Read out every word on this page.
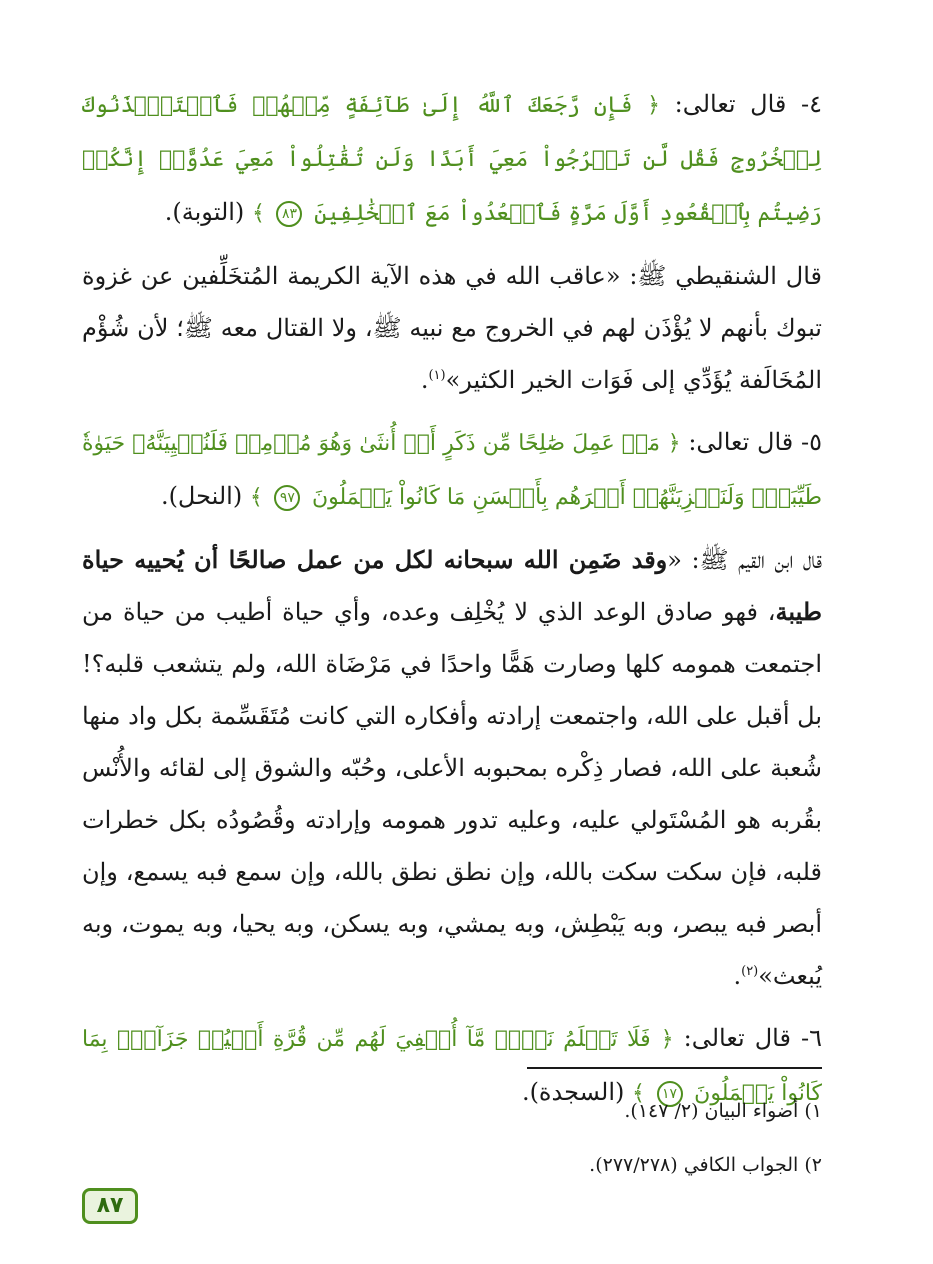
٤- قال تعالى: ﴿ فَإِن رَّجَعَكَ ٱللَّهُ إِلَىٰ طَآئِفَةٍ مِّنۡهُمۡ فَٱسۡتَـٔۡذَنُوكَ لِلۡخُرُوجِ فَقُل لَّن تَخۡرُجُواْ مَعِيَ أَبَدًا وَلَن تُقَٰتِلُواْ مَعِيَ عَدُوًّاۖ إِنَّكُمۡ رَضِيتُم بِٱلۡقُعُودِ أَوَّلَ مَرَّةٍ فَٱقۡعُدُواْ مَعَ ٱلۡخَٰلِفِينَ ٨٣ ﴾ (التوبة).

قال الشنقيطي ﷺ: «عاقب الله في هذه الآية الكريمة المُتخَلِّفين عن غزوة تبوك بأنهم لا يُؤْذَن لهم في الخروج مع نبيه ﷺ، ولا القتال معه ﷺ؛ لأن شُؤْم المُخَالَفة يُؤَدِّي إلى فَوَات الخير الكثير»$^{(١)}$.

٥- قال تعالى: ﴿ مَنۡ عَمِلَ صَٰلِحًا مِّن ذَكَرٍ أَوۡ أُنثَىٰ وَهُوَ مُؤۡمِنٞ فَلَنُحۡيِيَنَّهُۥ حَيَوٰةٗ طَيِّبَةٗۖ وَلَنَجۡزِيَنَّهُمۡ أَجۡرَهُم بِأَحۡسَنِ مَا كَانُواْ يَعۡمَلُونَ ٩٧ ﴾ (النحل).

قال ابن القيم ﷺ: «وقد ضَمِن الله سبحانه لكل من عمل صالحًا أن يُحييه حياة طيبة، فهو صادق الوعد الذي لا يُخْلِف وعده، وأي حياة أطيب من حياة من اجتمعت همومه كلها وصارت هَمًّا واحدًا في مَرْضَاة الله، ولم يتشعب قلبه؟! بل أقبل على الله، واجتمعت إرادته وأفكاره التي كانت مُتَقَسِّمة بكل واد منها شُعبة على الله، فصار ذِكْره بمحبوبه الأعلى، وحُبّه والشوق إلى لقائه والأُنْس بقُربه هو المُسْتَولي عليه، وعليه تدور همومه وإرادته وقُصُودُه بكل خطرات قلبه، فإن سكت سكت بالله، وإن نطق نطق بالله، وإن سمع فبه يسمع، وإن أبصر فبه يبصر، وبه يَبْطِش، وبه يمشي، وبه يسكن، وبه يحيا، وبه يموت، وبه يُبعث»$^{(٢)}$.

٦- قال تعالى: ﴿ فَلَا تَعۡلَمُ نَفۡسٞ مَّآ أُخۡفِيَ لَهُم مِّن قُرَّةِ أَعۡيُنٖ جَزَآءَۢ بِمَا كَانُواْ يَعۡمَلُونَ ١٧ ﴾ (السجدة).

١) أضواء البيان (٢/ ١٤٧).

٢) الجواب الكافي (٢٧٧/٢٧٨).

٨٧
